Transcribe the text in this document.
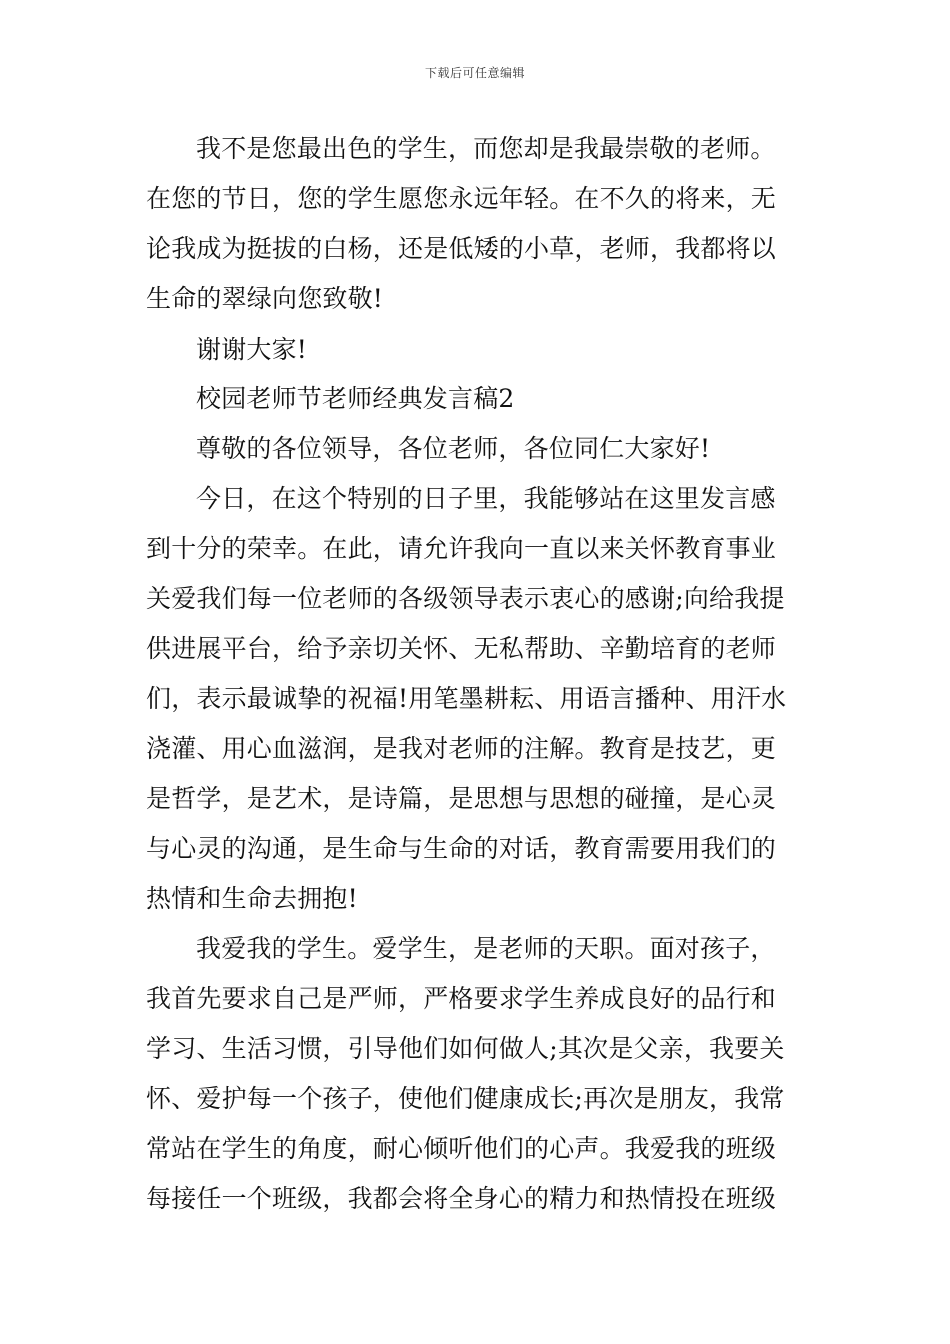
下载后可任意编辑
我不是您最出色的学生，而您却是我最崇敬的老师。
在您的节日，您的学生愿您永远年轻。在不久的将来，无
论我成为挺拔的白杨，还是低矮的小草，老师，我都将以
生命的翠绿向您致敬!
谢谢大家!
校园老师节老师经典发言稿2
尊敬的各位领导，各位老师，各位同仁大家好!
今日，在这个特别的日子里，我能够站在这里发言感
到十分的荣幸。在此，请允许我向一直以来关怀教育事业
关爱我们每一位老师的各级领导表示衷心的感谢;向给我提
供进展平台，给予亲切关怀、无私帮助、辛勤培育的老师
们，表示最诚挚的祝福!用笔墨耕耘、用语言播种、用汗水
浇灌、用心血滋润，是我对老师的注解。教育是技艺，更
是哲学，是艺术，是诗篇，是思想与思想的碰撞，是心灵
与心灵的沟通，是生命与生命的对话，教育需要用我们的
热情和生命去拥抱!
我爱我的学生。爱学生，是老师的天职。面对孩子，
我首先要求自己是严师，严格要求学生养成良好的品行和
学习、生活习惯，引导他们如何做人;其次是父亲，我要关
怀、爱护每一个孩子，使他们健康成长;再次是朋友，我常
常站在学生的角度，耐心倾听他们的心声。我爱我的班级
每接任一个班级，我都会将全身心的精力和热情投在班级
